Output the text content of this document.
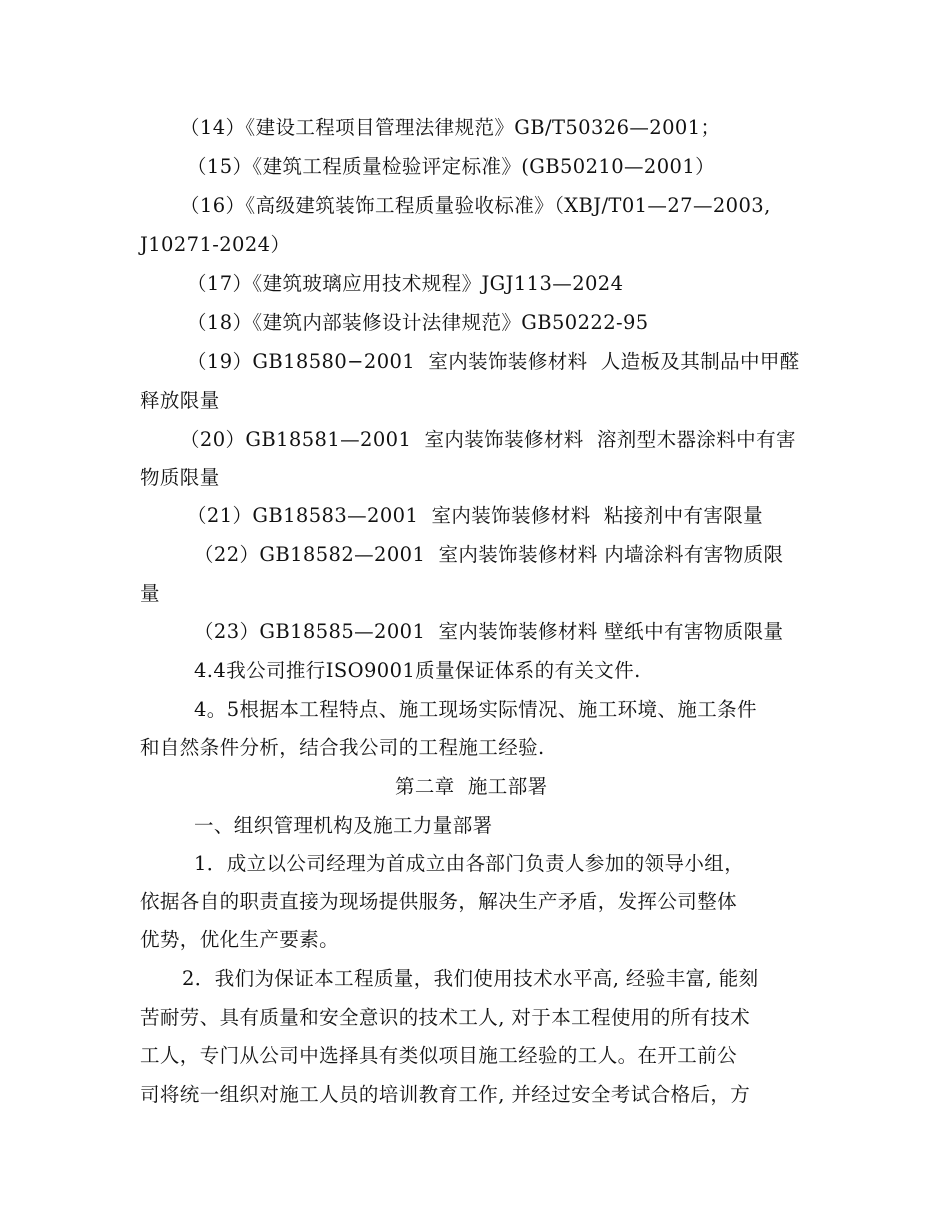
（14）《建设工程项目管理法律规范》GB/T50326—2001；
（15）《建筑工程质量检验评定标准》(GB50210—2001）
（16）《高级建筑装饰工程质量验收标准》（XBJ/T01—27—2003,
J10271-2024）
（17）《建筑玻璃应用技术规程》JGJ113—2024
（18）《建筑内部装修设计法律规范》GB50222-95
（19）GB18580−2001  室内装饰装修材料  人造板及其制品中甲醛
释放限量
（20）GB18581—2001  室内装饰装修材料  溶剂型木器涂料中有害
物质限量
（21）GB18583—2001  室内装饰装修材料  粘接剂中有害限量
（22）GB18582—2001  室内装饰装修材料 内墙涂料有害物质限
量
（23）GB18585—2001  室内装饰装修材料 壁纸中有害物质限量
4.4我公司推行ISO9001质量保证体系的有关文件.
4。5根据本工程特点、施工现场实际情况、施工环境、施工条件
和自然条件分析，结合我公司的工程施工经验.
第二章  施工部署
一、组织管理机构及施工力量部署
1．成立以公司经理为首成立由各部门负责人参加的领导小组，
依据各自的职责直接为现场提供服务，解决生产矛盾，发挥公司整体
优势，优化生产要素。
2．我们为保证本工程质量，我们使用技术水平高, 经验丰富, 能刻
苦耐劳、具有质量和安全意识的技术工人, 对于本工程使用的所有技术
工人，专门从公司中选择具有类似项目施工经验的工人。在开工前公
司将统一组织对施工人员的培训教育工作, 并经过安全考试合格后，方
